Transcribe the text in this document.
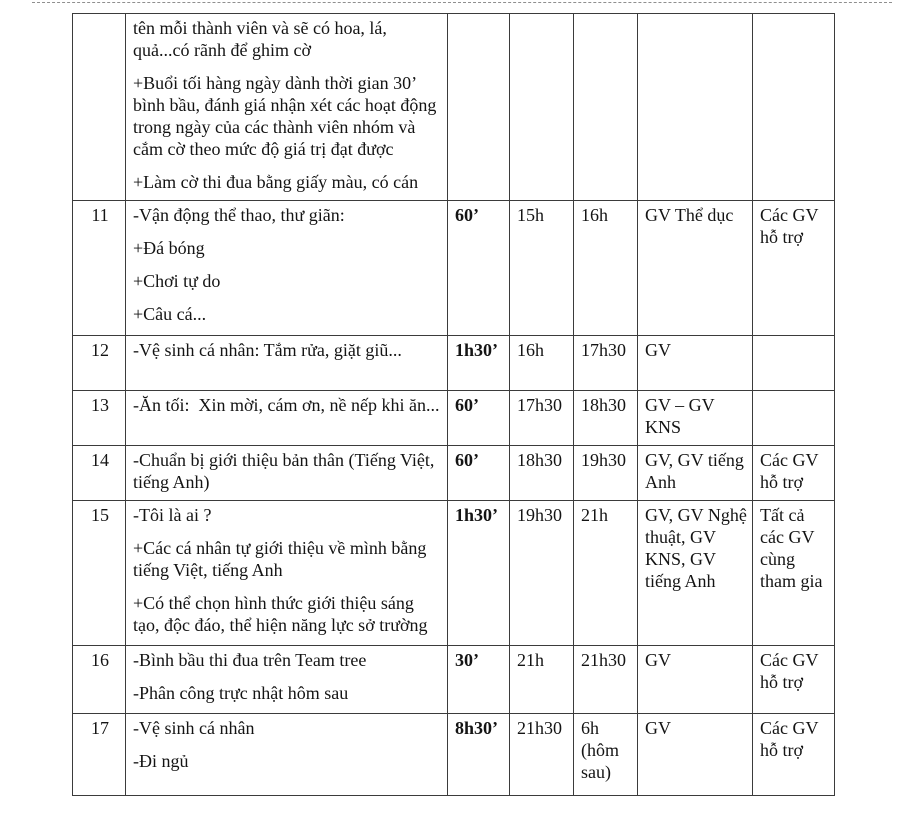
	tên mỗi thành viên và sẽ có hoa, lá, quả...có rãnh để ghim cờ
+Buổi tối hàng ngày dành thời gian 30’ bình bầu, đánh giá nhận xét các hoạt động trong ngày của các thành viên nhóm và cắm cờ theo mức độ giá trị đạt được
+Làm cờ thi đua bằng giấy màu, có cán					

11	-Vận động thể thao, thư giãn:
+Đá bóng
+Chơi tự do
+Câu cá...	60’	15h	16h	GV Thể dục	Các GV hỗ trợ
12	-Vệ sinh cá nhân: Tắm rửa, giặt giũ...	1h30’	16h	17h30	GV	
13	-Ăn tối:  Xin mời, cám ơn, nề nếp khi ăn...	60’	17h30	18h30	GV – GV KNS	
14	-Chuẩn bị giới thiệu bản thân (Tiếng Việt, tiếng Anh)	60’	18h30	19h30	GV, GV tiếng Anh	Các GV hỗ trợ
15	-Tôi là ai ?
+Các cá nhân tự giới thiệu về mình bằng tiếng Việt, tiếng Anh
+Có thể chọn hình thức giới thiệu sáng tạo, độc đáo, thể hiện năng lực sở trường	1h30’	19h30	21h	GV, GV Nghệ thuật, GV KNS, GV tiếng Anh	Tất cả các GV cùng tham gia
16	-Bình bầu thi đua trên Team tree
-Phân công trực nhật hôm sau	30’	21h	21h30	GV	Các GV hỗ trợ
17	-Vệ sinh cá nhân
-Đi ngủ	8h30’	21h30	6h (hôm sau)	GV	Các GV hỗ trợ
